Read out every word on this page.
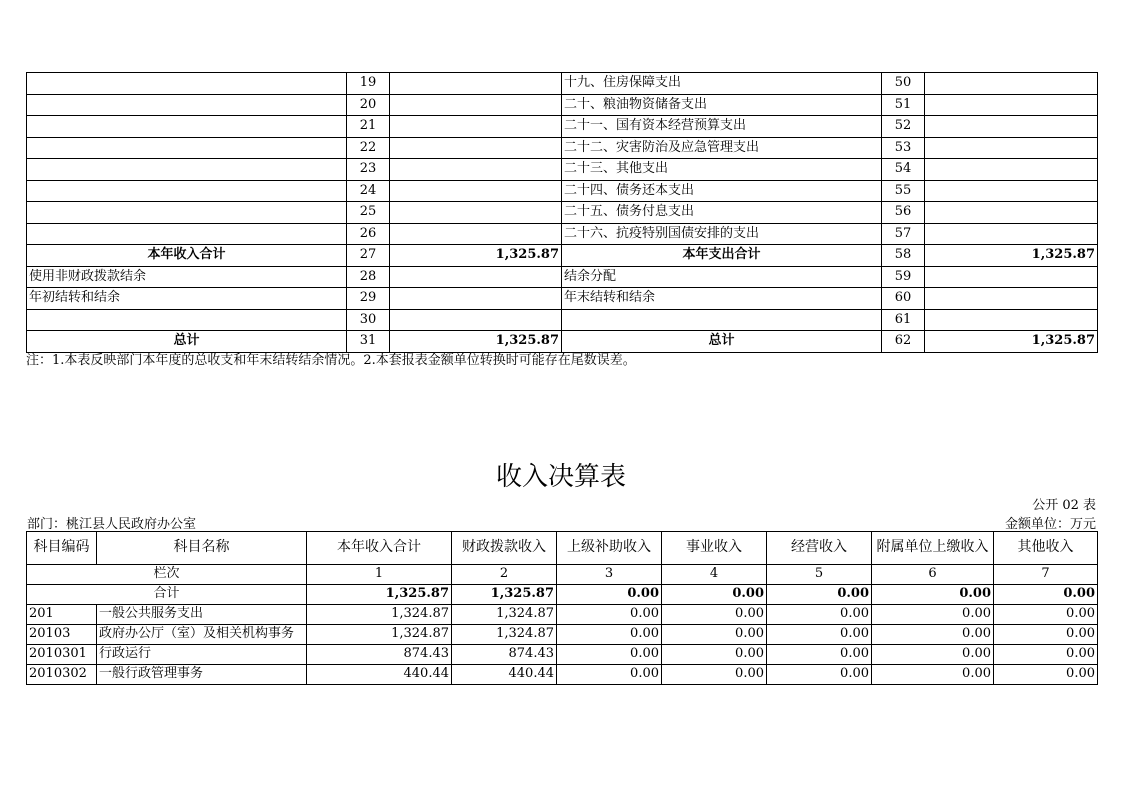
	19		十九、住房保障支出	50	
	20		二十、粮油物资储备支出	51	
	21		二十一、国有资本经营预算支出	52	
	22		二十二、灾害防治及应急管理支出	53	
	23		二十三、其他支出	54	
	24		二十四、债务还本支出	55	
	25		二十五、债务付息支出	56	
	26		二十六、抗疫特别国债安排的支出	57	
本年收入合计	27	1,325.87	本年支出合计	58	1,325.87
使用非财政拨款结余	28		结余分配	59	
年初结转和结余	29		年末结转和结余	60	
	30			61	
总计	31	1,325.87	总计	62	1,325.87
注：1.本表反映部门本年度的总收支和年末结转结余情况。2.本套报表金额单位转换时可能存在尾数误差。
收入决算表
公开 02 表
部门：桃江县人民政府办公室	金额单位：万元
科目编码	科目名称	本年收入合计	财政拨款收入	上级补助收入	事业收入	经营收入	附属单位上缴收入	其他收入
栏次		1	2	3	4	5	6	7
合计		1,325.87	1,325.87	0.00	0.00	0.00	0.00	0.00
201	一般公共服务支出	1,324.87	1,324.87	0.00	0.00	0.00	0.00	0.00
20103	政府办公厅（室）及相关机构事务	1,324.87	1,324.87	0.00	0.00	0.00	0.00	0.00
2010301	行政运行	874.43	874.43	0.00	0.00	0.00	0.00	0.00
2010302	一般行政管理事务	440.44	440.44	0.00	0.00	0.00	0.00	0.00
